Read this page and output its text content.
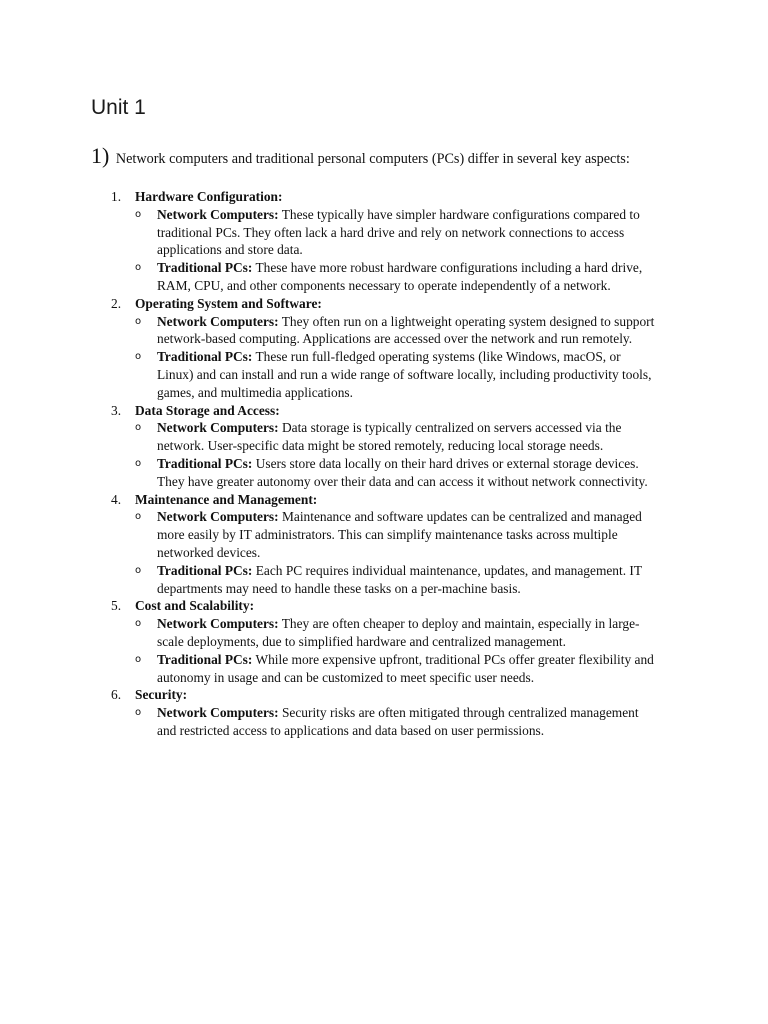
Unit 1
1) Network computers and traditional personal computers (PCs) differ in several key aspects:
1.	Hardware Configuration:
o Network Computers: These typically have simpler hardware configurations compared to traditional PCs. They often lack a hard drive and rely on network connections to access applications and store data.
o Traditional PCs: These have more robust hardware configurations including a hard drive, RAM, CPU, and other components necessary to operate independently of a network.
2.	Operating System and Software:
o Network Computers: They often run on a lightweight operating system designed to support network-based computing. Applications are accessed over the network and run remotely.
o Traditional PCs: These run full-fledged operating systems (like Windows, macOS, or Linux) and can install and run a wide range of software locally, including productivity tools, games, and multimedia applications.
3.	Data Storage and Access:
o Network Computers: Data storage is typically centralized on servers accessed via the network. User-specific data might be stored remotely, reducing local storage needs.
o Traditional PCs: Users store data locally on their hard drives or external storage devices. They have greater autonomy over their data and can access it without network connectivity.
4.	Maintenance and Management:
o Network Computers: Maintenance and software updates can be centralized and managed more easily by IT administrators. This can simplify maintenance tasks across multiple networked devices.
o Traditional PCs: Each PC requires individual maintenance, updates, and management. IT departments may need to handle these tasks on a per-machine basis.
5.	Cost and Scalability:
o Network Computers: They are often cheaper to deploy and maintain, especially in large-scale deployments, due to simplified hardware and centralized management.
o Traditional PCs: While more expensive upfront, traditional PCs offer greater flexibility and autonomy in usage and can be customized to meet specific user needs.
6.	Security:
o Network Computers: Security risks are often mitigated through centralized management and restricted access to applications and data based on user permissions.
